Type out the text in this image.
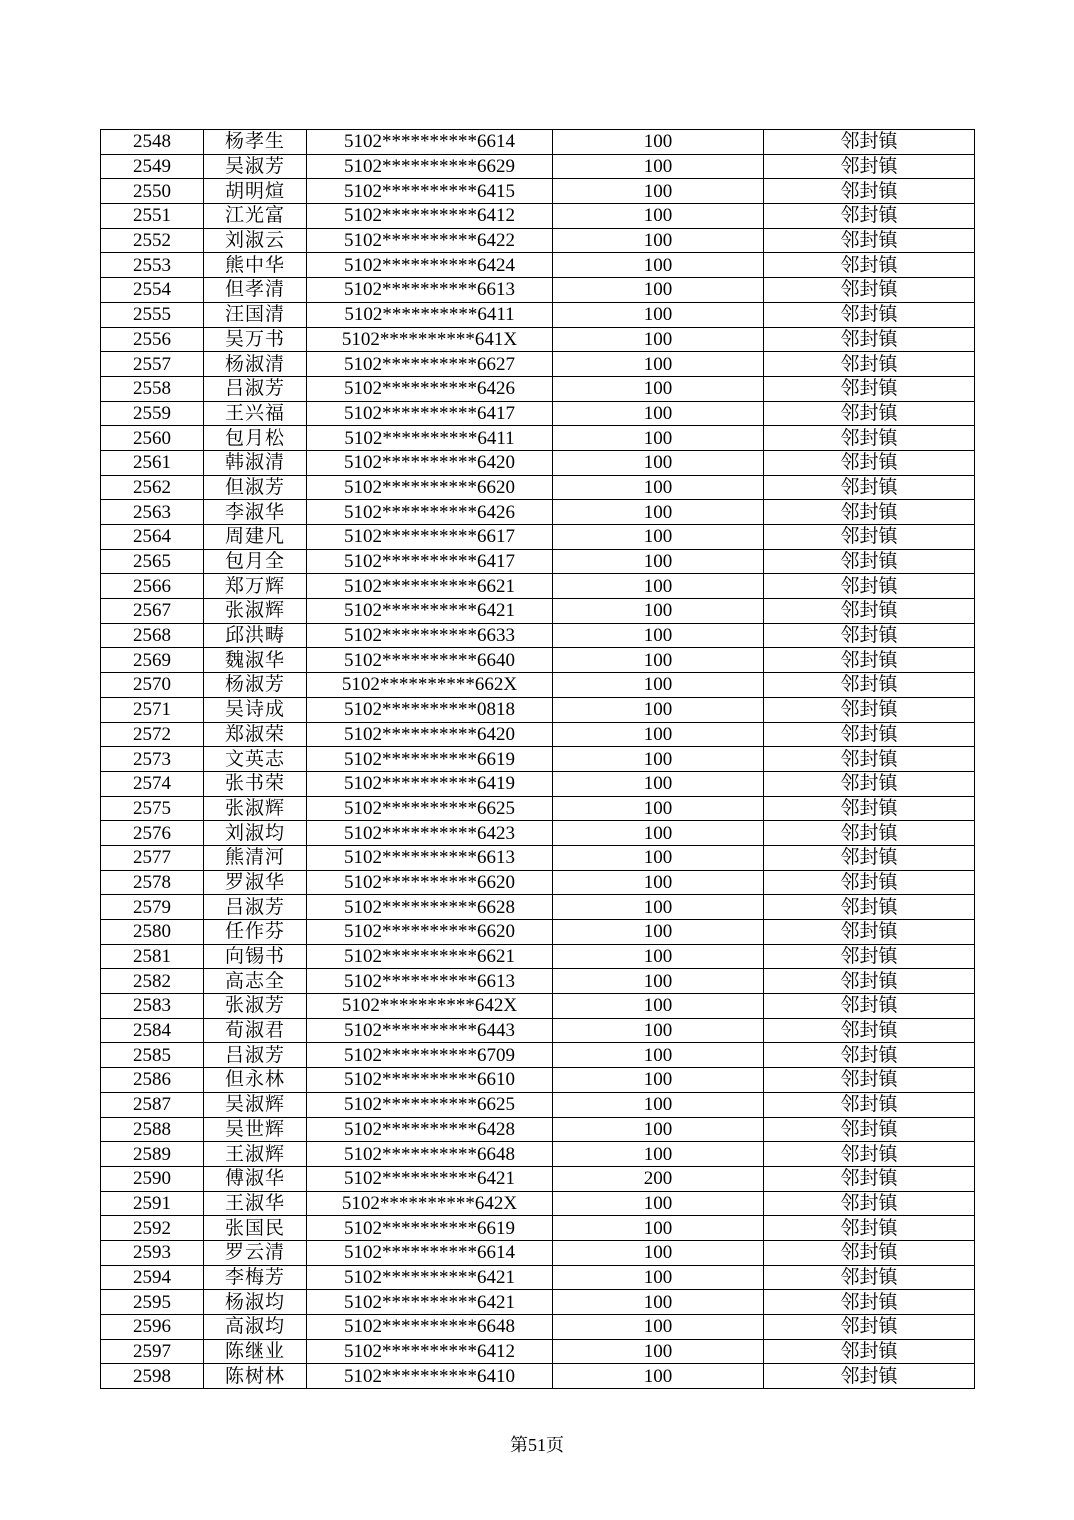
2548	杨孝生	5102**********6614	100	邻封镇
2549	吴淑芳	5102**********6629	100	邻封镇
2550	胡明煊	5102**********6415	100	邻封镇
2551	江光富	5102**********6412	100	邻封镇
2552	刘淑云	5102**********6422	100	邻封镇
2553	熊中华	5102**********6424	100	邻封镇
2554	但孝清	5102**********6613	100	邻封镇
2555	汪国清	5102**********6411	100	邻封镇
2556	吴万书	5102**********641X	100	邻封镇
2557	杨淑清	5102**********6627	100	邻封镇
2558	吕淑芳	5102**********6426	100	邻封镇
2559	王兴福	5102**********6417	100	邻封镇
2560	包月松	5102**********6411	100	邻封镇
2561	韩淑清	5102**********6420	100	邻封镇
2562	但淑芳	5102**********6620	100	邻封镇
2563	李淑华	5102**********6426	100	邻封镇
2564	周建凡	5102**********6617	100	邻封镇
2565	包月全	5102**********6417	100	邻封镇
2566	郑万辉	5102**********6621	100	邻封镇
2567	张淑辉	5102**********6421	100	邻封镇
2568	邱洪畴	5102**********6633	100	邻封镇
2569	魏淑华	5102**********6640	100	邻封镇
2570	杨淑芳	5102**********662X	100	邻封镇
2571	吴诗成	5102**********0818	100	邻封镇
2572	郑淑荣	5102**********6420	100	邻封镇
2573	文英志	5102**********6619	100	邻封镇
2574	张书荣	5102**********6419	100	邻封镇
2575	张淑辉	5102**********6625	100	邻封镇
2576	刘淑均	5102**********6423	100	邻封镇
2577	熊清河	5102**********6613	100	邻封镇
2578	罗淑华	5102**********6620	100	邻封镇
2579	吕淑芳	5102**********6628	100	邻封镇
2580	任作芬	5102**********6620	100	邻封镇
2581	向锡书	5102**********6621	100	邻封镇
2582	高志全	5102**********6613	100	邻封镇
2583	张淑芳	5102**********642X	100	邻封镇
2584	荀淑君	5102**********6443	100	邻封镇
2585	吕淑芳	5102**********6709	100	邻封镇
2586	但永林	5102**********6610	100	邻封镇
2587	吴淑辉	5102**********6625	100	邻封镇
2588	吴世辉	5102**********6428	100	邻封镇
2589	王淑辉	5102**********6648	100	邻封镇
2590	傅淑华	5102**********6421	200	邻封镇
2591	王淑华	5102**********642X	100	邻封镇
2592	张国民	5102**********6619	100	邻封镇
2593	罗云清	5102**********6614	100	邻封镇
2594	李梅芳	5102**********6421	100	邻封镇
2595	杨淑均	5102**********6421	100	邻封镇
2596	高淑均	5102**********6648	100	邻封镇
2597	陈继业	5102**********6412	100	邻封镇
2598	陈树林	5102**********6410	100	邻封镇
第51页
